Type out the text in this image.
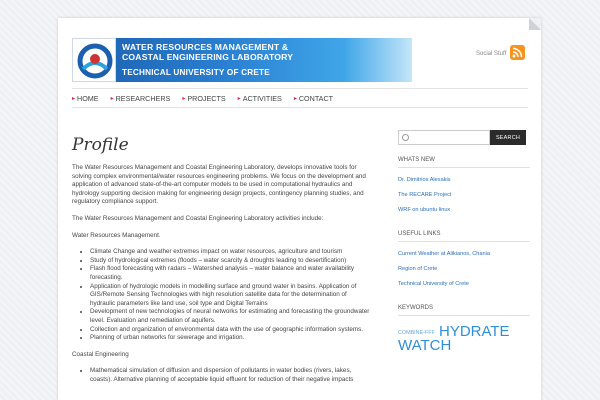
WATER RESOURCES MANAGEMENT &
COASTAL ENGINEERING LABORATORY
TECHNICAL UNIVERSITY OF CRETE
Social Stuff
▸ HOME ▸ RESEARCHERS ▸ PROJECTS ▸ ACTIVITIES ▸ CONTACT
Profile

The Water Resources Management and Coastal Engineering Laboratory, develops innovative tools for solving complex environmental/water resources engineering problems. We focus on the development and application of advanced state-of-the-art computer models to be used in computational hydraulics and hydrology supporting decision making for engineering design projects, contingency planning studies, and regulatory compliance support.

The Water Resources Management and Coastal Engineering Laboratory activities include:

Water Resources Management.

• Climate Change and weather extremes impact on water resources, agriculture and tourism
• Study of hydrological extremes (floods – water scarcity & droughts leading to desertification)
• Flash flood forecasting with radars – Watershed analysis – water balance and water availability forecasting.
• Application of hydrologic models in modelling surface and ground water in basins. Application of GIS/Remote Sensing Technologies with high resolution satellite data for the determination of hydraulic parameters like land use, soil type and Digital Terrains
• Development of new technologies of neural networks for estimating and forecasting the groundwater level. Evaluation and remediation of aquifers.
• Collection and organization of environmental data with the use of geographic information systems.
• Planning of urban networks for sewerage and irrigation.

Coastal Engineering

• Mathematical simulation of diffusion and dispersion of pollutants in water bodies (rivers, lakes, coasts). Alternative planning of acceptable liquid effluent for reduction of their negative impacts
SEARCH
WHATS NEW
Dr. Dimitrios Alexakis
The RECARE Project
WRF on ubuntu linux
USEFUL LINKS
Current Weather at Alikianos, Chania
Region of Crete
Technical University of Crete
KEYWORDS
COMBINE-FFF HYDRATE
WATCH
